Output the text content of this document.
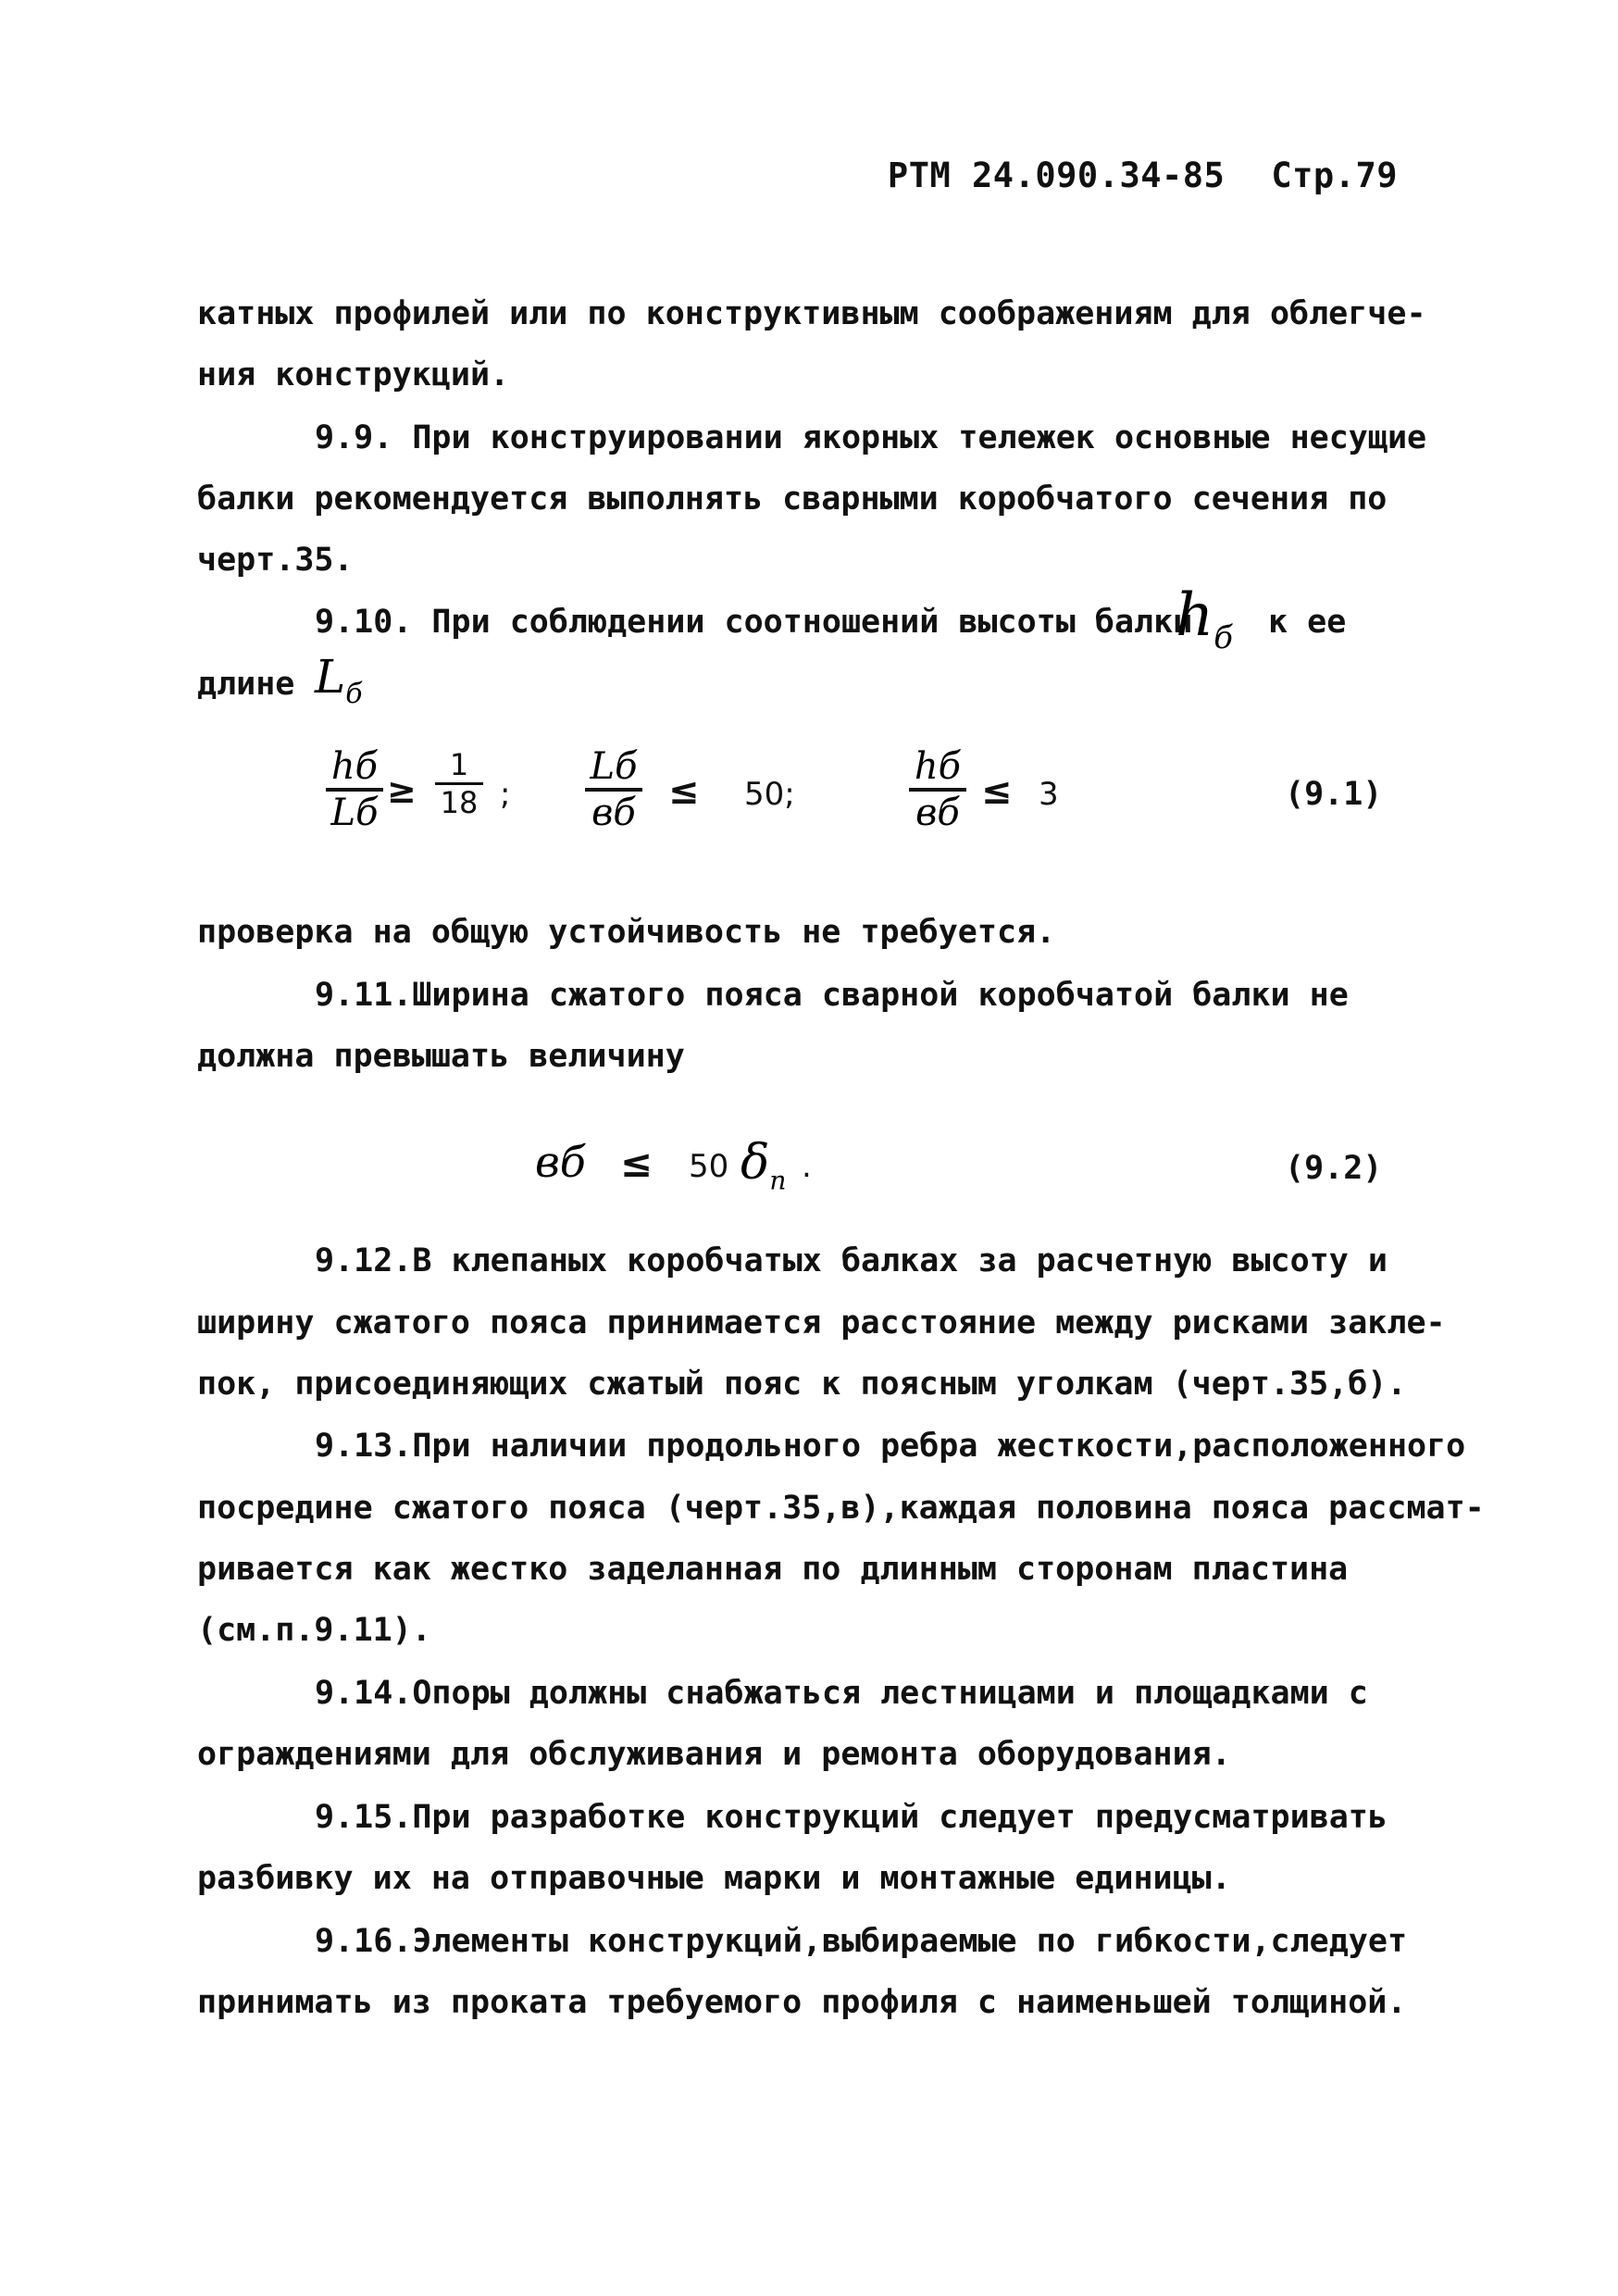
РТМ 24.090.34-85 Стр.79
катных профилей или по конструктивным соображениям для облегче-
ния конструкций.
9.9. При конструировании якорных тележек основные несущие
балки рекомендуется выполнять сварными коробчатого сечения по
черт.35.
9.10. При соблюдении соотношений высоты балки
$h_б$ к ее
длине $L_б$
hб
Lб
≥
1
18 ;
Lб
вб ≤ 50;
hб
вб ≤ 3	(9.1)
проверка на общую устойчивость не требуется.
9.11.Ширина сжатого пояса сварной коробчатой балки не
должна превышать величину
вб ≤ 50 $\delta_п$ .	(9.2)
9.12.В клепаных коробчатых балках за расчетную высоту и
ширину сжатого пояса принимается расстояние между рисками закле-
пок, присоединяющих сжатый пояс к поясным уголкам (черт.35,б).
9.13.При наличии продольного ребра жесткости,расположенного
посредине сжатого пояса (черт.35,в),каждая половина пояса рассмат-
ривается как жестко заделанная по длинным сторонам пластина
(см.п.9.11).
9.14.Опоры должны снабжаться лестницами и площадками с
ограждениями для обслуживания и ремонта оборудования.
9.15.При разработке конструкций следует предусматривать
разбивку их на отправочные марки и монтажные единицы.
9.16.Элементы конструкций,выбираемые по гибкости,следует
принимать из проката требуемого профиля с наименьшей толщиной.
